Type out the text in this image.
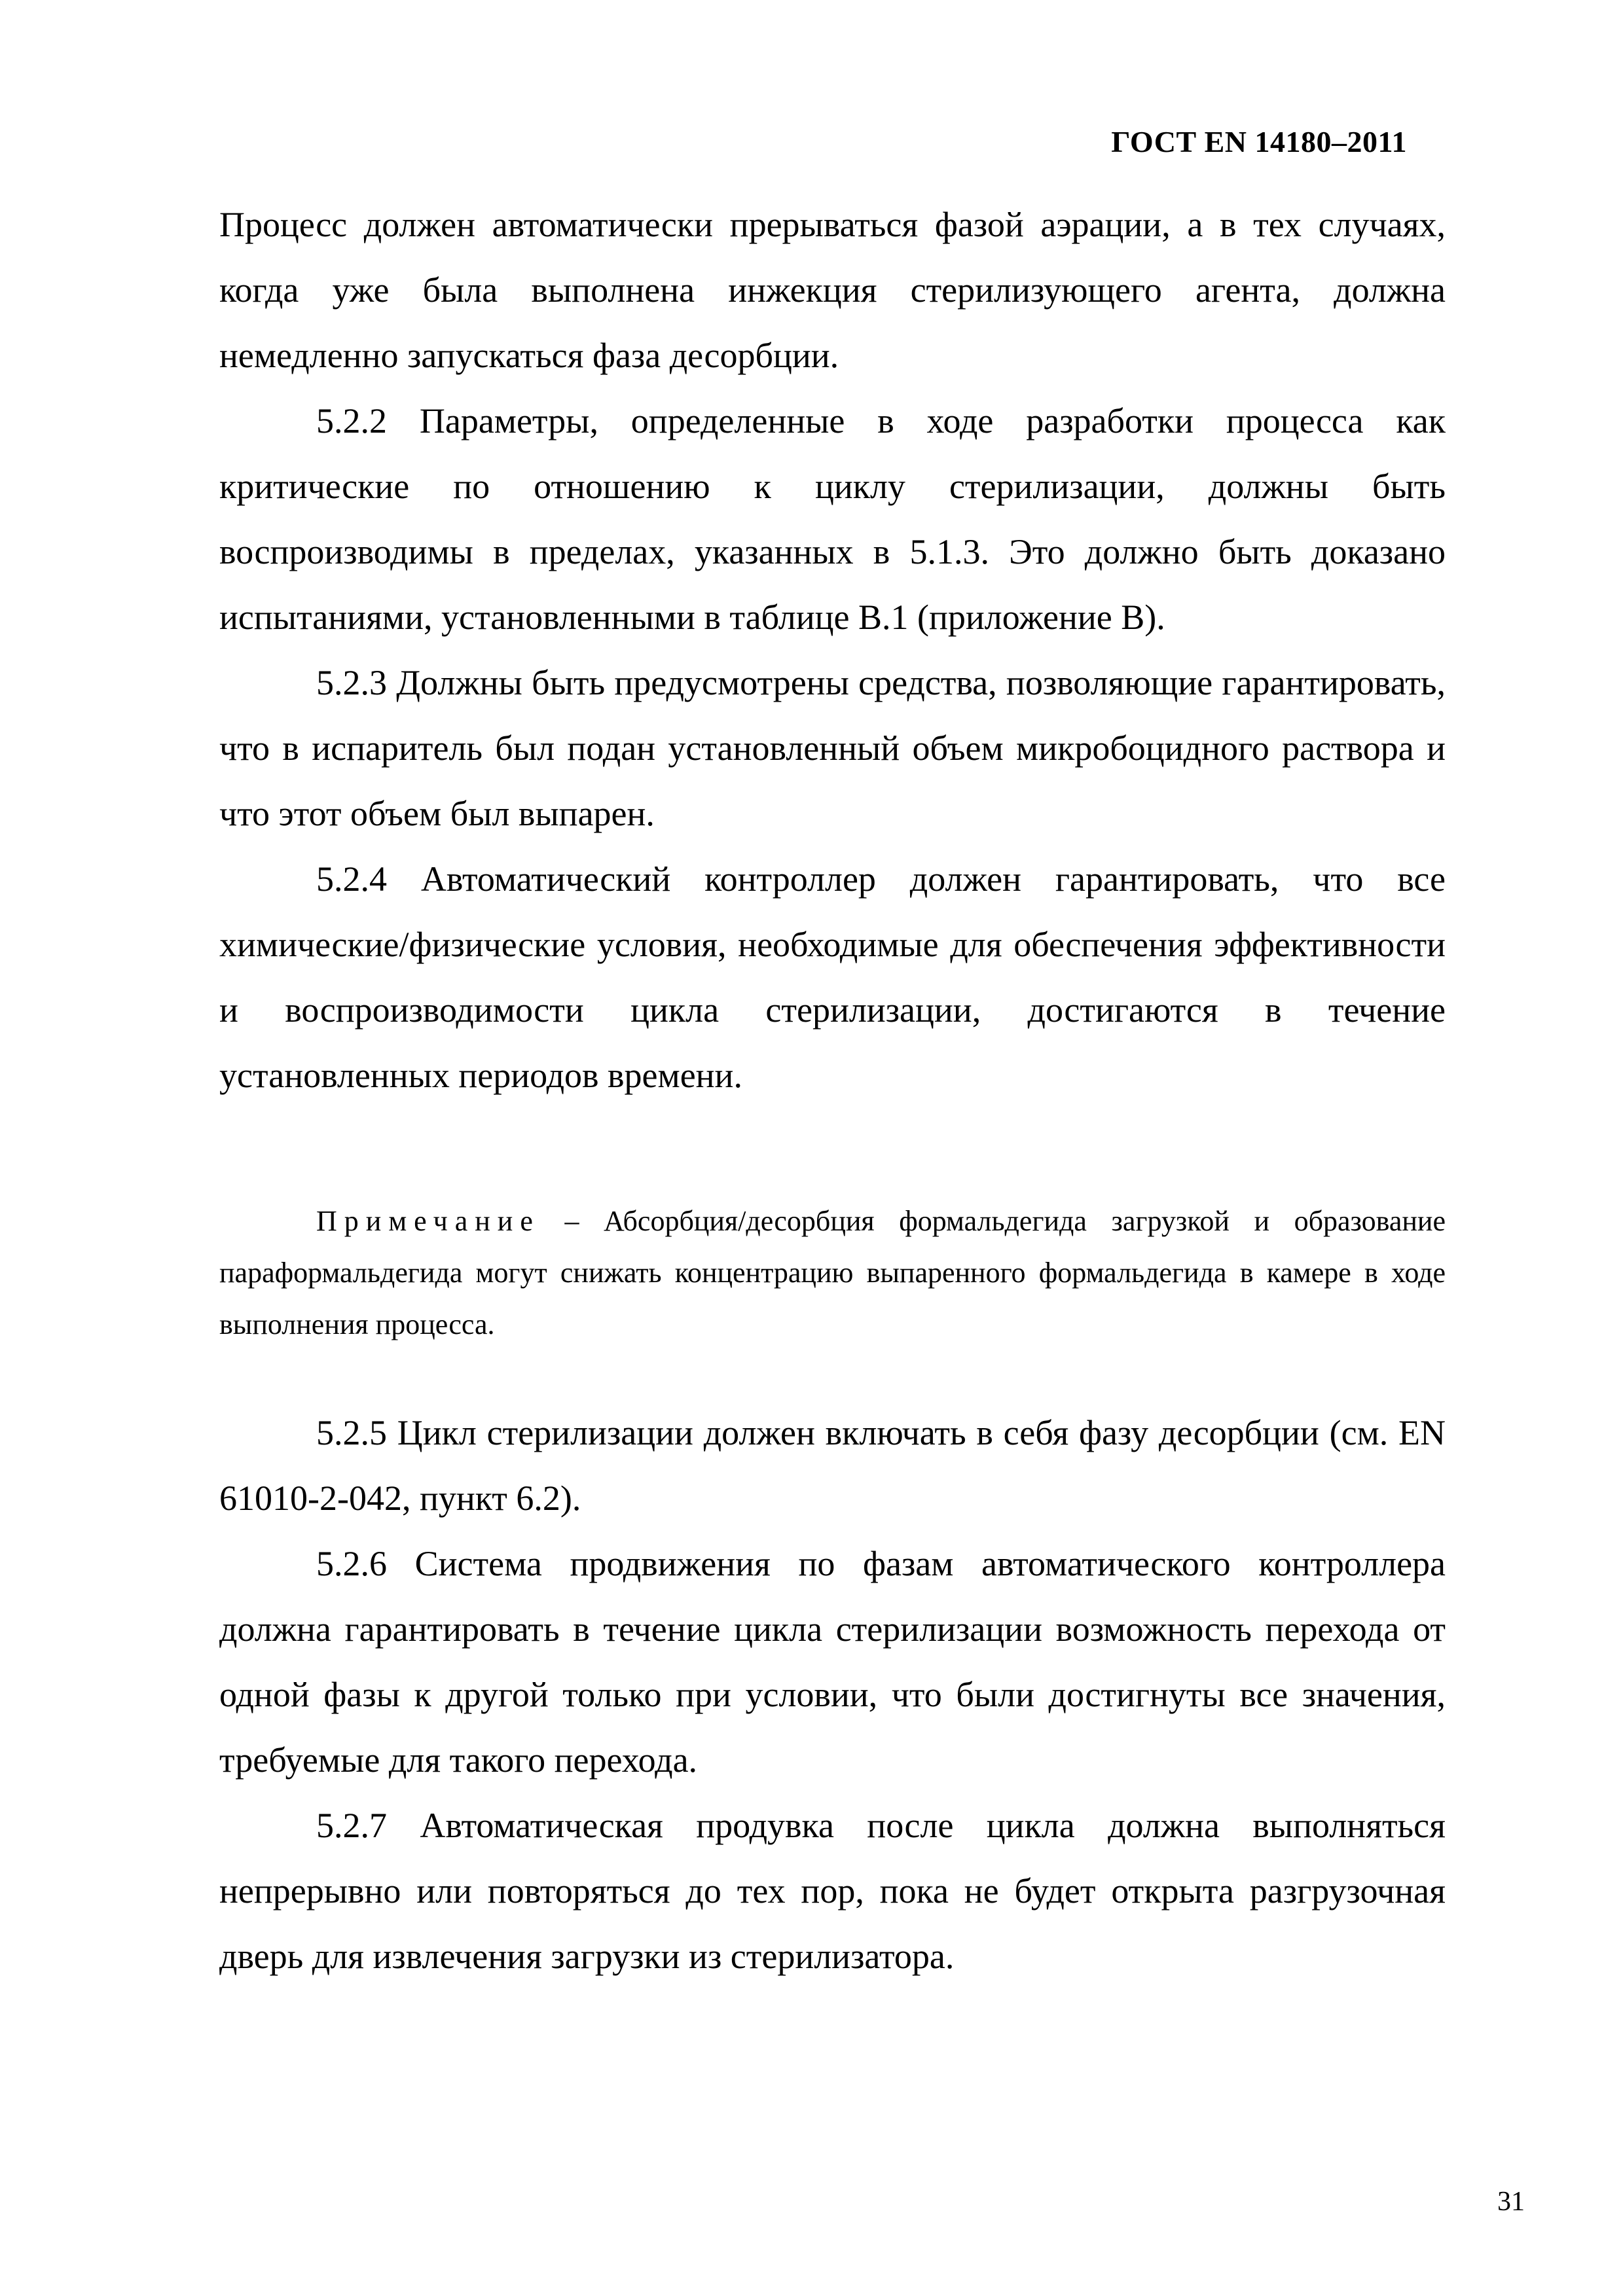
ГОСТ EN 14180–2011

Процесс должен автоматически прерываться фазой аэрации, а в тех случаях, когда уже была выполнена инжекция стерилизующего агента, должна немедленно запускаться фаза десорбции.

5.2.2 Параметры, определенные в ходе разработки процесса как критические по отношению к циклу стерилизации, должны быть воспроизводимы в пределах, указанных в 5.1.3. Это должно быть доказано испытаниями, установленными в таблице B.1 (приложение B).

5.2.3 Должны быть предусмотрены средства, позволяющие гарантировать, что в испаритель был подан установленный объем микробоцидного раствора и что этот объем был выпарен.

5.2.4 Автоматический контроллер должен гарантировать, что все химические/физические условия, необходимые для обеспечения эффективности и воспроизводимости цикла стерилизации, достигаются в течение установленных периодов времени.

Примечание – Абсорбция/десорбция формальдегида загрузкой и образование параформальдегида могут снижать концентрацию выпаренного формальдегида в камере в ходе выполнения процесса.

5.2.5 Цикл стерилизации должен включать в себя фазу десорбции (см. EN 61010-2-042, пункт 6.2).

5.2.6 Система продвижения по фазам автоматического контроллера должна гарантировать в течение цикла стерилизации возможность перехода от одной фазы к другой только при условии, что были достигнуты все значения, требуемые для такого перехода.

5.2.7 Автоматическая продувка после цикла должна выполняться непрерывно или повторяться до тех пор, пока не будет открыта разгрузочная дверь для извлечения загрузки из стерилизатора.

31
